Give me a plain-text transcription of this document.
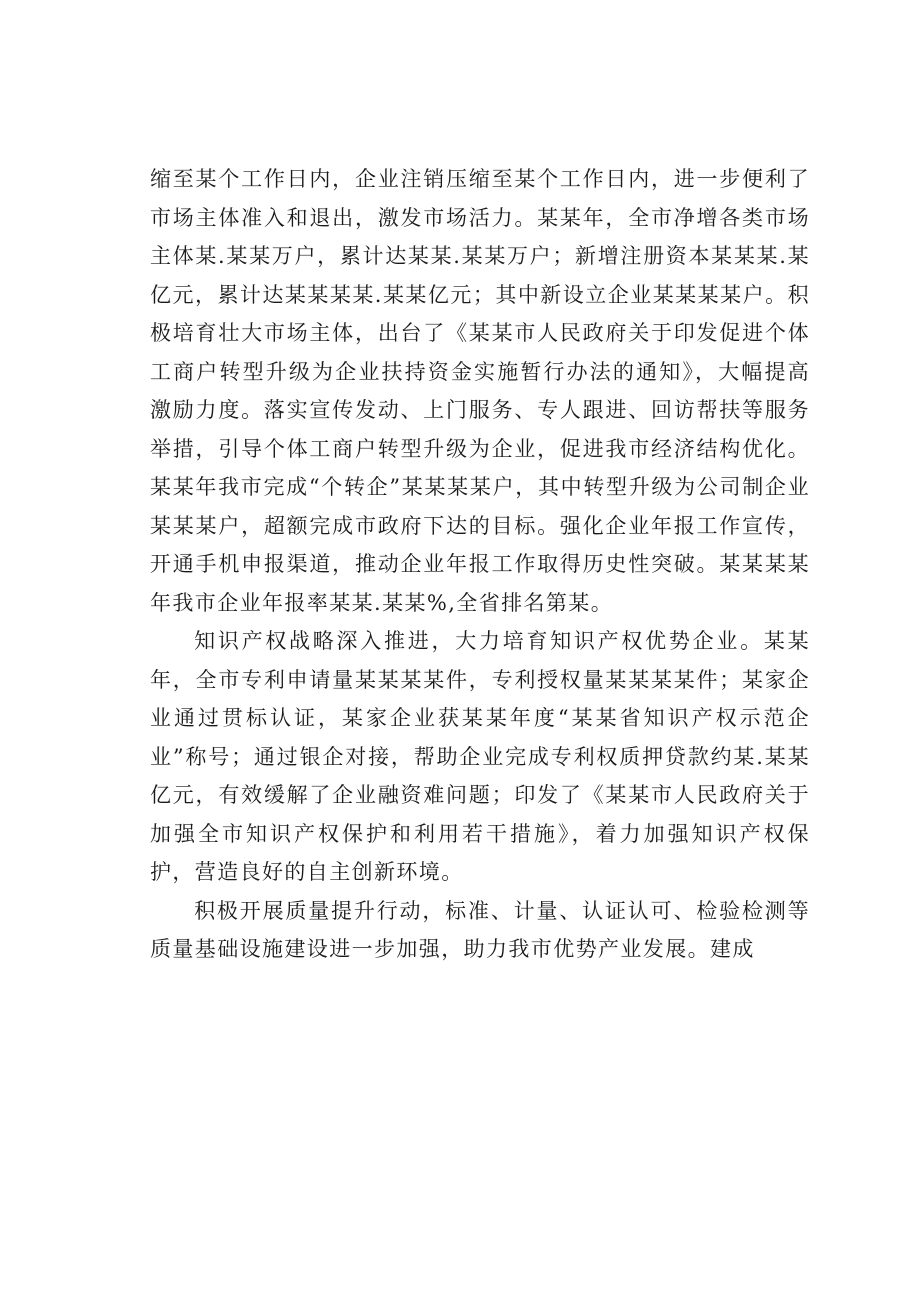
缩至某个工作日内，企业注销压缩至某个工作日内，进一步便利了市场主体准入和退出，激发市场活力。某某年，全市净增各类市场主体某.某某万户，累计达某某.某某万户；新增注册资本某某某.某亿元，累计达某某某某.某某亿元；其中新设立企业某某某某户。积极培育壮大市场主体，出台了《某某市人民政府关于印发促进个体工商户转型升级为企业扶持资金实施暂行办法的通知》，大幅提高激励力度。落实宣传发动、上门服务、专人跟进、回访帮扶等服务举措，引导个体工商户转型升级为企业，促进我市经济结构优化。某某年我市完成“个转企”某某某某户，其中转型升级为公司制企业某某某户，超额完成市政府下达的目标。强化企业年报工作宣传，开通手机申报渠道，推动企业年报工作取得历史性突破。某某某某年我市企业年报率某某.某某%,全省排名第某。

知识产权战略深入推进，大力培育知识产权优势企业。某某年，全市专利申请量某某某某件，专利授权量某某某某件；某家企业通过贯标认证，某家企业获某某年度“某某省知识产权示范企业”称号；通过银企对接，帮助企业完成专利权质押贷款约某.某某亿元，有效缓解了企业融资难问题；印发了《某某市人民政府关于加强全市知识产权保护和利用若干措施》，着力加强知识产权保护，营造良好的自主创新环境。

积极开展质量提升行动，标准、计量、认证认可、检验检测等质量基础设施建设进一步加强，助力我市优势产业发展。建成
